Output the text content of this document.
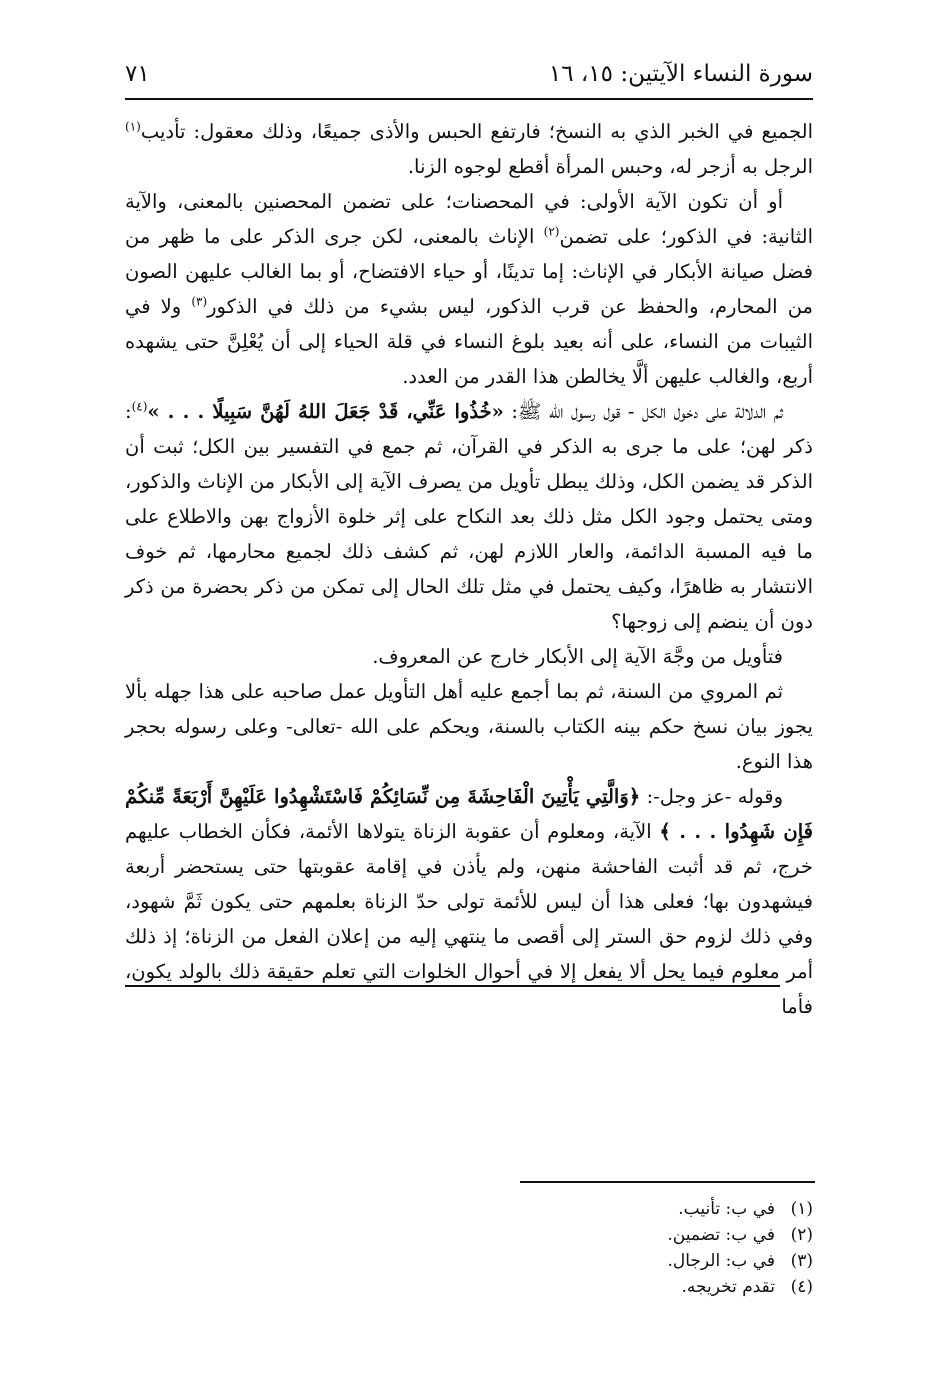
سورة النساء الآيتين: ١٥، ١٦
٧١

الجميع في الخبر الذي به النسخ؛ فارتفع الحبس والأذى جميعًا، وذلك معقول: تأديب$^{(١)}$ الرجل به أزجر له، وحبس المرأة أقطع لوجوه الزنا.

أو أن تكون الآية الأولى: في المحصنات؛ على تضمن المحصنين بالمعنى، والآية الثانية: في الذكور؛ على تضمن$^{(٢)}$ الإناث بالمعنى، لكن جرى الذكر على ما ظهر من فضل صيانة الأبكار في الإناث: إما تدينًا، أو حياء الافتضاح، أو بما الغالب عليهن الصون من المحارم، والحفظ عن قرب الذكور، ليس بشيء من ذلك في الذكور$^{(٣)}$ ولا في الثيبات من النساء، على أنه بعيد بلوغ النساء في قلة الحياء إلى أن يُعْلِنَّ حتى يشهده أربع، والغالب عليهن ألَّا يخالطن هذا القدر من العدد.

ثم الدلالة على دخول الكل - قول رسول الله ﷺ: «خُذُوا عَنِّي، قَدْ جَعَلَ اللهُ لَهُنَّ سَبِيلًا . . . »$^{(٤)}$: ذكر لهن؛ على ما جرى به الذكر في القرآن، ثم جمع في التفسير بين الكل؛ ثبت أن الذكر قد يضمن الكل، وذلك يبطل تأويل من يصرف الآية إلى الأبكار من الإناث والذكور، ومتى يحتمل وجود الكل مثل ذلك بعد النكاح على إثر خلوة الأزواج بهن والاطلاع على ما فيه المسبة الدائمة، والعار اللازم لهن، ثم كشف ذلك لجميع محارمها، ثم خوف الانتشار به ظاهرًا، وكيف يحتمل في مثل تلك الحال إلى تمكن من ذكر بحضرة من ذكر دون أن ينضم إلى زوجها؟

فتأويل من وجَّهَ الآية إلى الأبكار خارج عن المعروف.

ثم المروي من السنة، ثم بما أجمع عليه أهل التأويل عمل صاحبه على هذا جهله بألا يجوز بيان نسخ حكم بينه الكتاب بالسنة، ويحكم على الله -تعالى- وعلى رسوله بحجر هذا النوع.

وقوله -عز وجل-: ﴿وَالَّتِي يَأْتِينَ الْفَاحِشَةَ مِن نِّسَائِكُمْ فَاسْتَشْهِدُوا عَلَيْهِنَّ أَرْبَعَةً مِّنكُمْ فَإِن شَهِدُوا . . . ﴾ الآية، ومعلوم أن عقوبة الزناة يتولاها الأئمة، فكأن الخطاب عليهم خرج، ثم قد أثبت الفاحشة منهن، ولم يأذن في إقامة عقوبتها حتى يستحضر أربعة فيشهدون بها؛ فعلى هذا أن ليس للأئمة تولى حدّ الزناة بعلمهم حتى يكون ثَمَّ شهود، وفي ذلك لزوم حق الستر إلى أقصى ما ينتهي إليه من إعلان الفعل من الزناة؛ إذ ذلك أمر معلوم فيما يحل ألا يفعل إلا في أحوال الخلوات التي تعلم حقيقة ذلك بالولد يكون، فأما

(١)في ب: تأنيب.
(٢)في ب: تضمين.
(٣)في ب: الرجال.
(٤)تقدم تخريجه.
